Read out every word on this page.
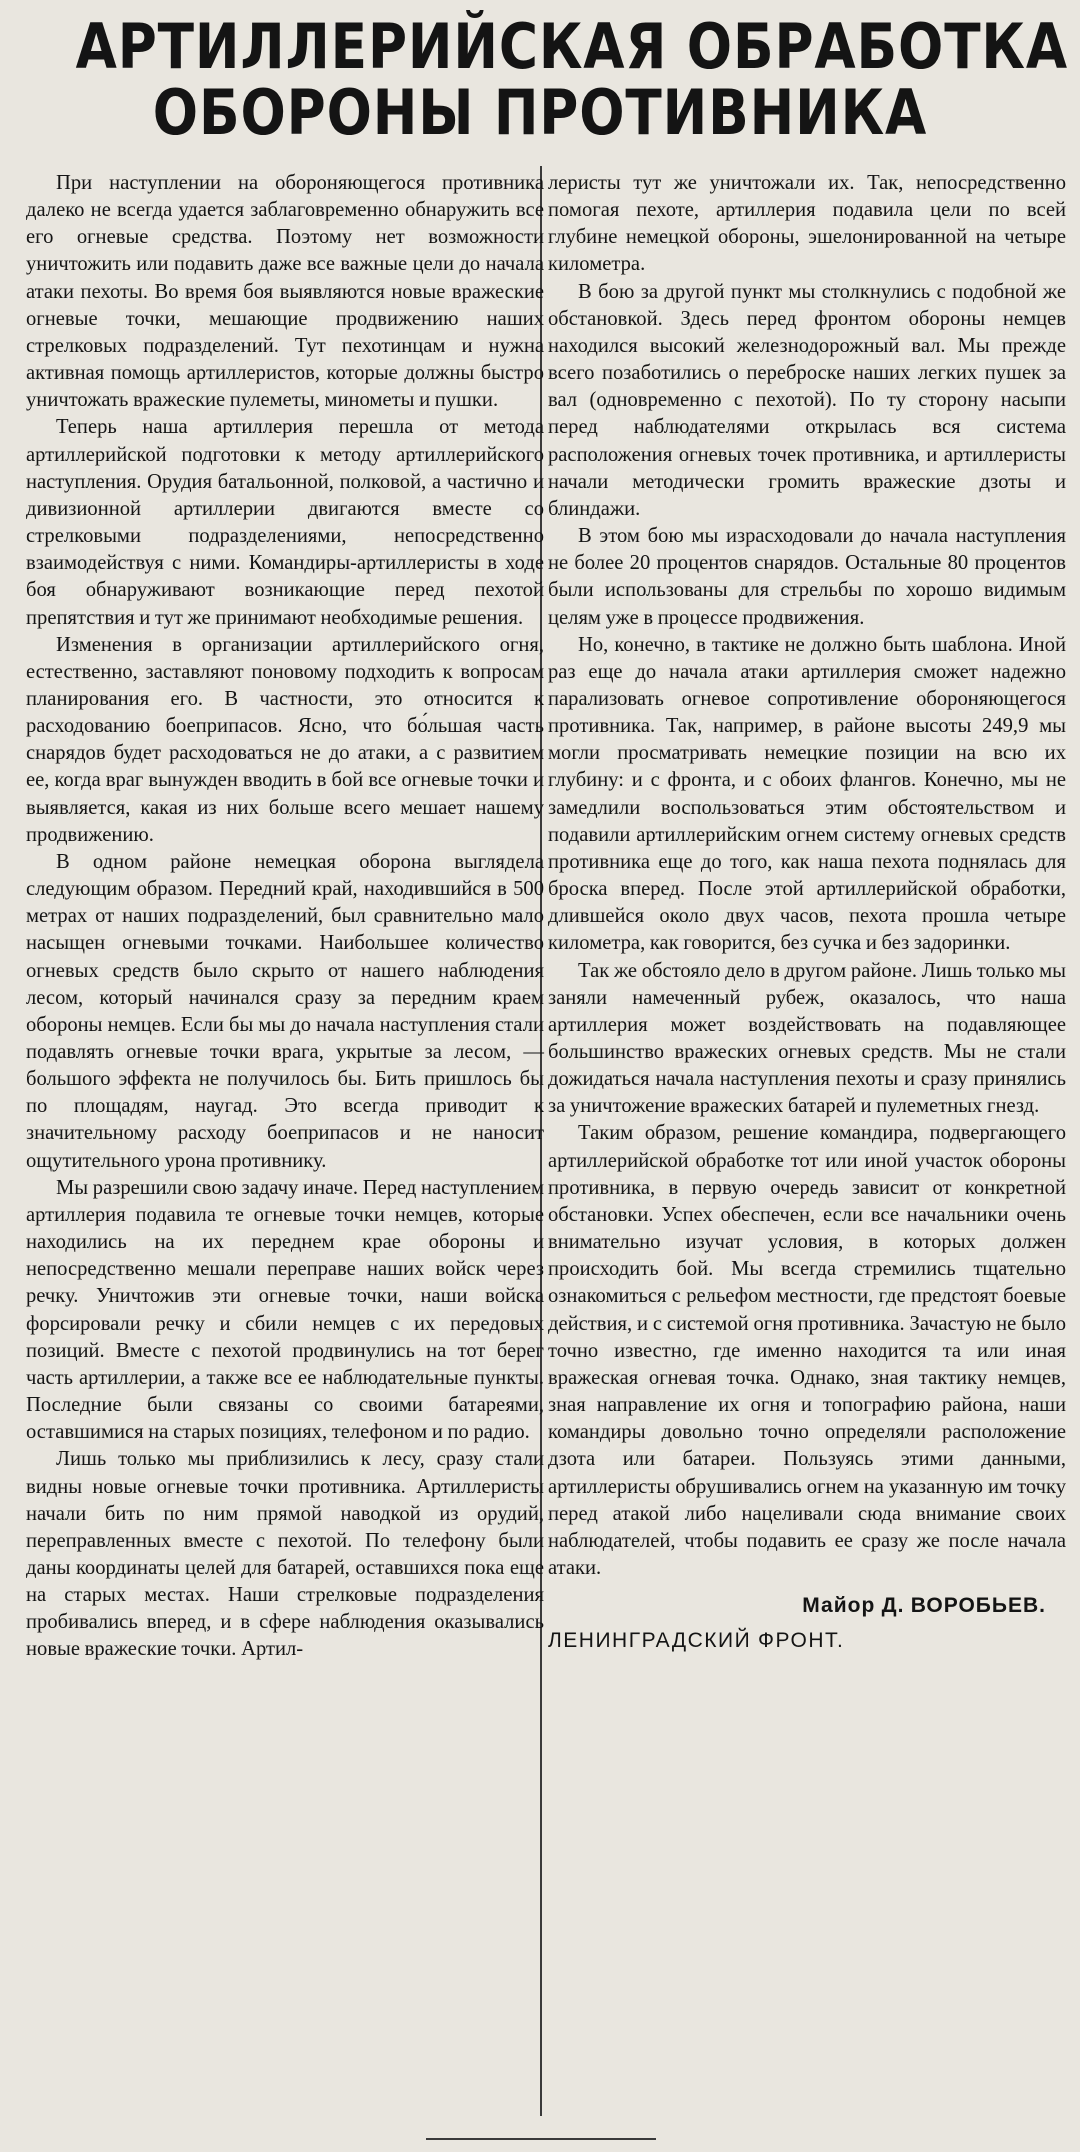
АРТИЛЛЕРИЙСКАЯ ОБРАБОТКА
ОБОРОНЫ ПРОТИВНИКА

При наступлении на обороняющегося противника далеко не всегда удается заблаговременно обнаружить все его огневые средства. Поэтому нет возможности уничтожить или подавить даже все важные цели до начала атаки пехоты. Во время боя выявляются новые вражеские огневые точки, мешающие продвижению наших стрелковых подразделений. Тут пехотинцам и нужна активная помощь артиллеристов, которые должны быстро уничтожать вражеские пулеметы, минометы и пушки.

Теперь наша артиллерия перешла от метода артиллерийской подготовки к методу артиллерийского наступления. Орудия батальонной, полковой, а частично и дивизионной артиллерии двигаются вместе со стрелковыми подразделениями, непосредственно взаимодействуя с ними. Командиры-артиллеристы в ходе боя обнаруживают возникающие перед пехотой препятствия и тут же принимают необходимые решения.

Изменения в организации артиллерийского огня, естественно, заставляют поновому подходить к вопросам планирования его. В частности, это относится к расходованию боеприпасов. Ясно, что бо́льшая часть снарядов будет расходоваться не до атаки, а с развитием ее, когда враг вынужден вводить в бой все огневые точки и выявляется, какая из них больше всего мешает нашему продвижению.

В одном районе немецкая оборона выглядела следующим образом. Передний край, находившийся в 500 метрах от наших подразделений, был сравнительно мало насыщен огневыми точками. Наибольшее количество огневых средств было скрыто от нашего наблюдения лесом, который начинался сразу за передним краем обороны немцев. Если бы мы до начала наступления стали подавлять огневые точки врага, укрытые за лесом, — большого эффекта не получилось бы. Бить пришлось бы по площадям, наугад. Это всегда приводит к значительному расходу боеприпасов и не наносит ощутительного урона противнику.

Мы разрешили свою задачу иначе. Перед наступлением артиллерия подавила те огневые точки немцев, которые находились на их переднем крае обороны и непосредственно мешали переправе наших войск через речку. Уничтожив эти огневые точки, наши войска форсировали речку и сбили немцев с их передовых позиций. Вместе с пехотой продвинулись на тот берег часть артиллерии, а также все ее наблюдательные пункты. Последние были связаны со своими батареями, оставшимися на старых позициях, телефоном и по радио.

Лишь только мы приблизились к лесу, сразу стали видны новые огневые точки противника. Артиллеристы начали бить по ним прямой наводкой из орудий, переправленных вместе с пехотой. По телефону были даны координаты целей для батарей, оставшихся пока еще на старых местах. Наши стрелковые подразделения пробивались вперед, и в сфере наблюдения оказывались новые вражеские точки. Артил-

леристы тут же уничтожали их. Так, непосредственно помогая пехоте, артиллерия подавила цели по всей глубине немецкой обороны, эшелонированной на четыре километра.

В бою за другой пункт мы столкнулись с подобной же обстановкой. Здесь перед фронтом обороны немцев находился высокий железнодорожный вал. Мы прежде всего позаботились о переброске наших легких пушек за вал (одновременно с пехотой). По ту сторону насыпи перед наблюдателями открылась вся система расположения огневых точек противника, и артиллеристы начали методически громить вражеские дзоты и блиндажи.

В этом бою мы израсходовали до начала наступления не более 20 процентов снарядов. Остальные 80 процентов были использованы для стрельбы по хорошо видимым целям уже в процессе продвижения.

Но, конечно, в тактике не должно быть шаблона. Иной раз еще до начала атаки артиллерия сможет надежно парализовать огневое сопротивление обороняющегося противника. Так, например, в районе высоты 249,9 мы могли просматривать немецкие позиции на всю их глубину: и с фронта, и с обоих флангов. Конечно, мы не замедлили воспользоваться этим обстоятельством и подавили артиллерийским огнем систему огневых средств противника еще до того, как наша пехота поднялась для броска вперед. После этой артиллерийской обработки, длившейся около двух часов, пехота прошла четыре километра, как говорится, без сучка и без задоринки.

Так же обстояло дело в другом районе. Лишь только мы заняли намеченный рубеж, оказалось, что наша артиллерия может воздействовать на подавляющее большинство вражеских огневых средств. Мы не стали дожидаться начала наступления пехоты и сразу принялись за уничтожение вражеских батарей и пулеметных гнезд.

Таким образом, решение командира, подвергающего артиллерийской обработке тот или иной участок обороны противника, в первую очередь зависит от конкретной обстановки. Успех обеспечен, если все начальники очень внимательно изучат условия, в которых должен происходить бой. Мы всегда стремились тщательно ознакомиться с рельефом местности, где предстоят боевые действия, и с системой огня противника. Зачастую не было точно известно, где именно находится та или иная вражеская огневая точка. Однако, зная тактику немцев, зная направление их огня и топографию района, наши командиры довольно точно определяли расположение дзота или батареи. Пользуясь этими данными, артиллеристы обрушивались огнем на указанную им точку перед атакой либо нацеливали сюда внимание своих наблюдателей, чтобы подавить ее сразу же после начала атаки.

Майор Д. ВОРОБЬЕВ.
ЛЕНИНГРАДСКИЙ ФРОНТ.
